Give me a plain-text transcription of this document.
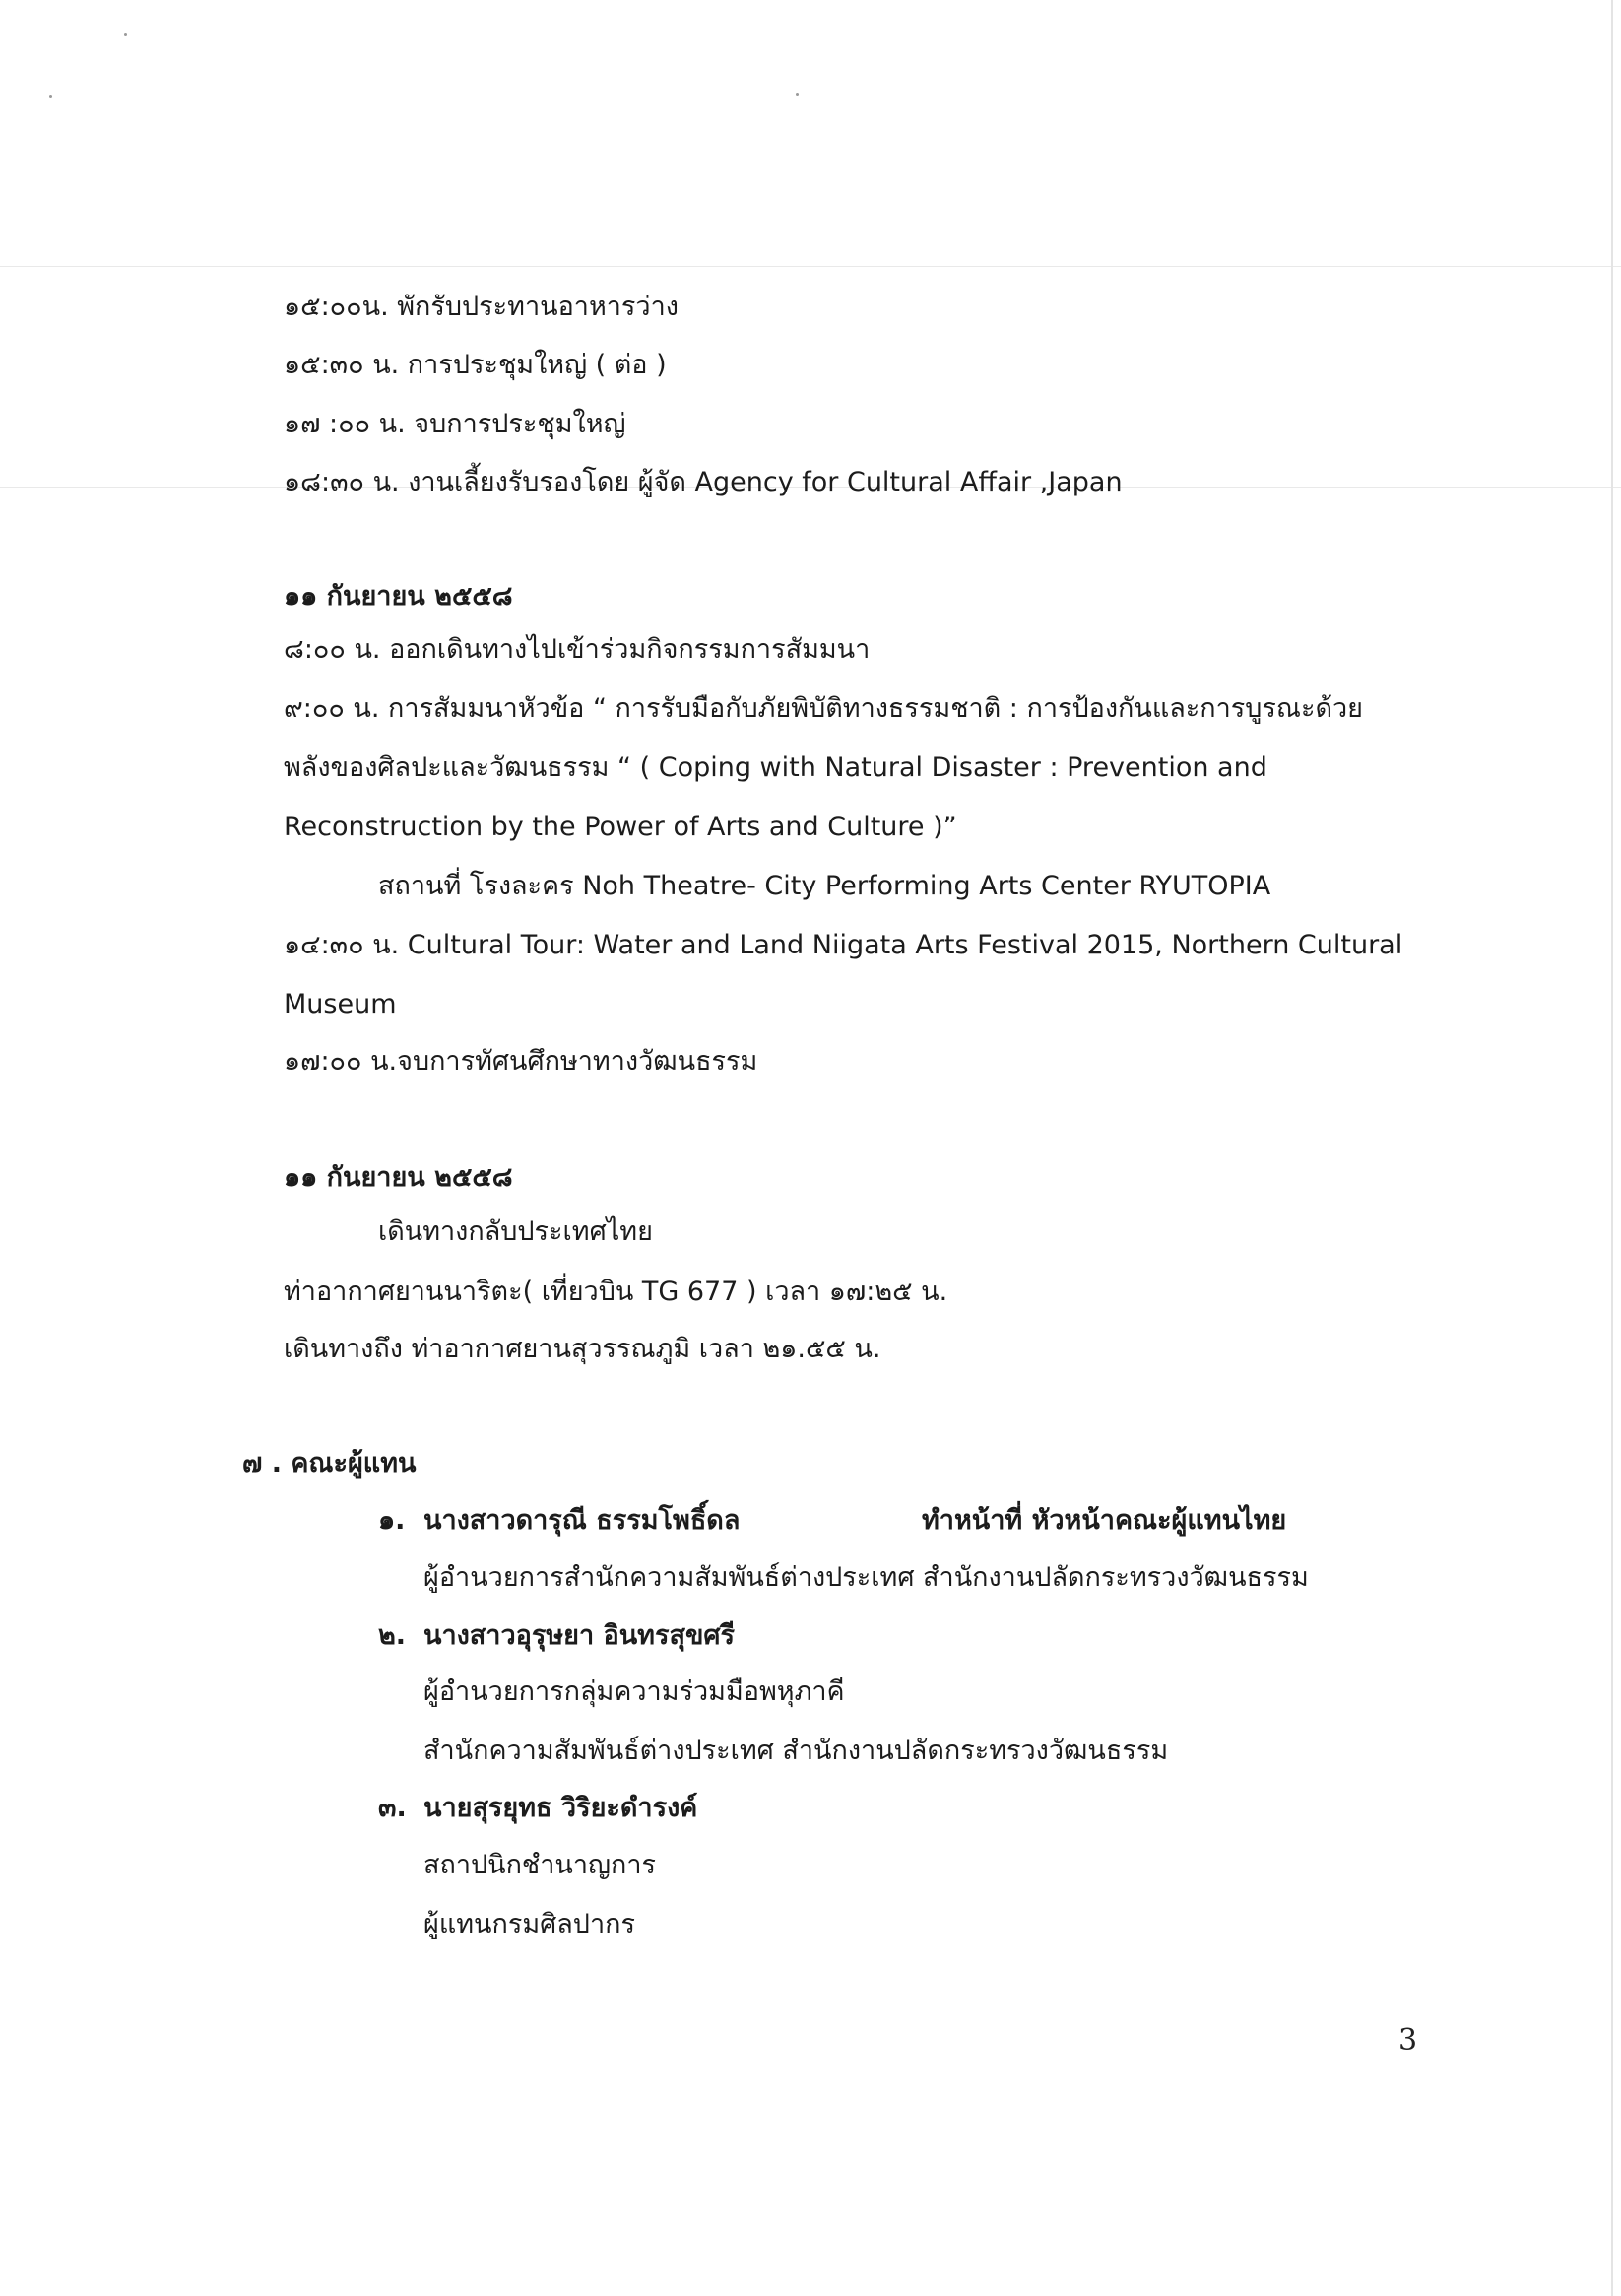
๑๕:๐๐น. พักรับประทานอาหารว่าง
๑๕:๓๐ น. การประชุมใหญ่ ( ต่อ )
๑๗ :๐๐ น. จบการประชุมใหญ่
๑๘:๓๐ น. งานเลี้ยงรับรองโดย ผู้จัด Agency for Cultural Affair ,Japan
๑๑ กันยายน ๒๕๕๘
๘:๐๐ น. ออกเดินทางไปเข้าร่วมกิจกรรมการสัมมนา
๙:๐๐ น. การสัมมนาหัวข้อ “ การรับมือกับภัยพิบัติทางธรรมชาติ : การป้องกันและการบูรณะด้วย
พลังของศิลปะและวัฒนธรรม “ ( Coping with Natural Disaster : Prevention and
Reconstruction by the Power of Arts and Culture )”
สถานที่ โรงละคร Noh Theatre- City Performing Arts Center RYUTOPIA
๑๔:๓๐ น. Cultural Tour: Water and Land Niigata Arts Festival 2015, Northern Cultural
Museum
๑๗:๐๐ น.จบการทัศนศึกษาทางวัฒนธรรม
๑๑ กันยายน ๒๕๕๘
เดินทางกลับประเทศไทย
ท่าอากาศยานนาริตะ( เที่ยวบิน TG 677 ) เวลา ๑๗:๒๕ น.
เดินทางถึง ท่าอากาศยานสุวรรณภูมิ เวลา ๒๑.๕๕ น.
๗ . คณะผู้แทน
๑. นางสาวดารุณี ธรรมโพธิ์ดล	ทำหน้าที่ หัวหน้าคณะผู้แทนไทย
ผู้อำนวยการสำนักความสัมพันธ์ต่างประเทศ สำนักงานปลัดกระทรวงวัฒนธรรม
๒. นางสาวอุรุษยา อินทรสุขศรี
ผู้อำนวยการกลุ่มความร่วมมือพหุภาคี
สำนักความสัมพันธ์ต่างประเทศ สำนักงานปลัดกระทรวงวัฒนธรรม
๓. นายสุรยุทธ วิริยะดำรงค์
สถาปนิกชำนาญการ
ผู้แทนกรมศิลปากร
3
